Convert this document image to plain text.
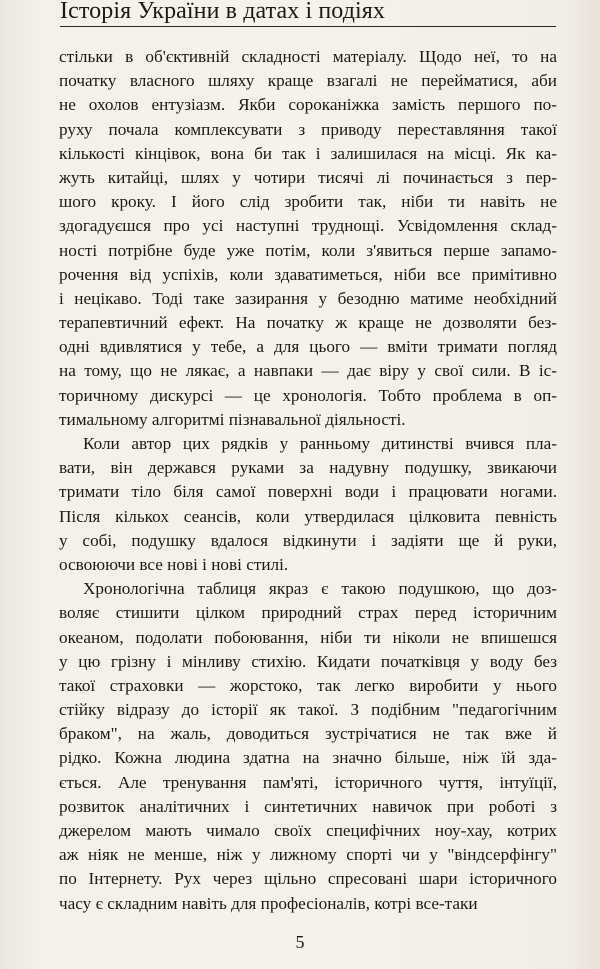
Історія України в датах і подіях
стільки в об'єктивній складності матеріалу. Щодо неї, то на
початку власного шляху краще взагалі не перейматися, аби
не охолов ентузіазм. Якби сороканіжка замість першого по-
руху почала комплексувати з приводу переставляння такої
кількості кінцівок, вона би так і залишилася на місці. Як ка-
жуть китайці, шлях у чотири тисячі лі починається з пер-
шого кроку. І його слід зробити так, ніби ти навіть не
здогадуєшся про усі наступні труднощі. Усвідомлення склад-
ності потрібне буде уже потім, коли з'явиться перше запамо-
рочення від успіхів, коли здаватиметься, ніби все примітивно
і нецікаво. Тоді таке зазирання у безодню матиме необхідний
терапевтичний ефект. На початку ж краще не дозволяти без-
одні вдивлятися у тебе, а для цього — вміти тримати погляд
на тому, що не лякає, а навпаки — дає віру у свої сили. В іс-
торичному дискурсі — це хронологія. Тобто проблема в оп-
тимальному алгоритмі пізнавальної діяльності.
Коли автор цих рядків у ранньому дитинстві вчився пла-
вати, він держався руками за надувну подушку, звикаючи
тримати тіло біля самої поверхні води і працювати ногами.
Після кількох сеансів, коли утвердилася цілковита певність
у собі, подушку вдалося відкинути і задіяти ще й руки,
освоюючи все нові і нові стилі.
Хронологічна таблиця якраз є такою подушкою, що доз-
воляє стишити цілком природний страх перед історичним
океаном, подолати побоювання, ніби ти ніколи не впишешся
у цю грізну і мінливу стихію. Кидати початківця у воду без
такої страховки — жорстоко, так легко виробити у нього
стійку відразу до історії як такої. З подібним "педагогічним
браком", на жаль, доводиться зустрічатися не так вже й
рідко. Кожна людина здатна на значно більше, ніж їй зда-
ється. Але тренування пам'яті, історичного чуття, інтуїції,
розвиток аналітичних і синтетичних навичок при роботі з
джерелом мають чимало своїх специфічних ноу-хау, котрих
аж ніяк не менше, ніж у лижному спорті чи у "віндсерфінгу"
по Інтернету. Рух через щільно спресовані шари історичного
часу є складним навіть для професіоналів, котрі все-таки
5
